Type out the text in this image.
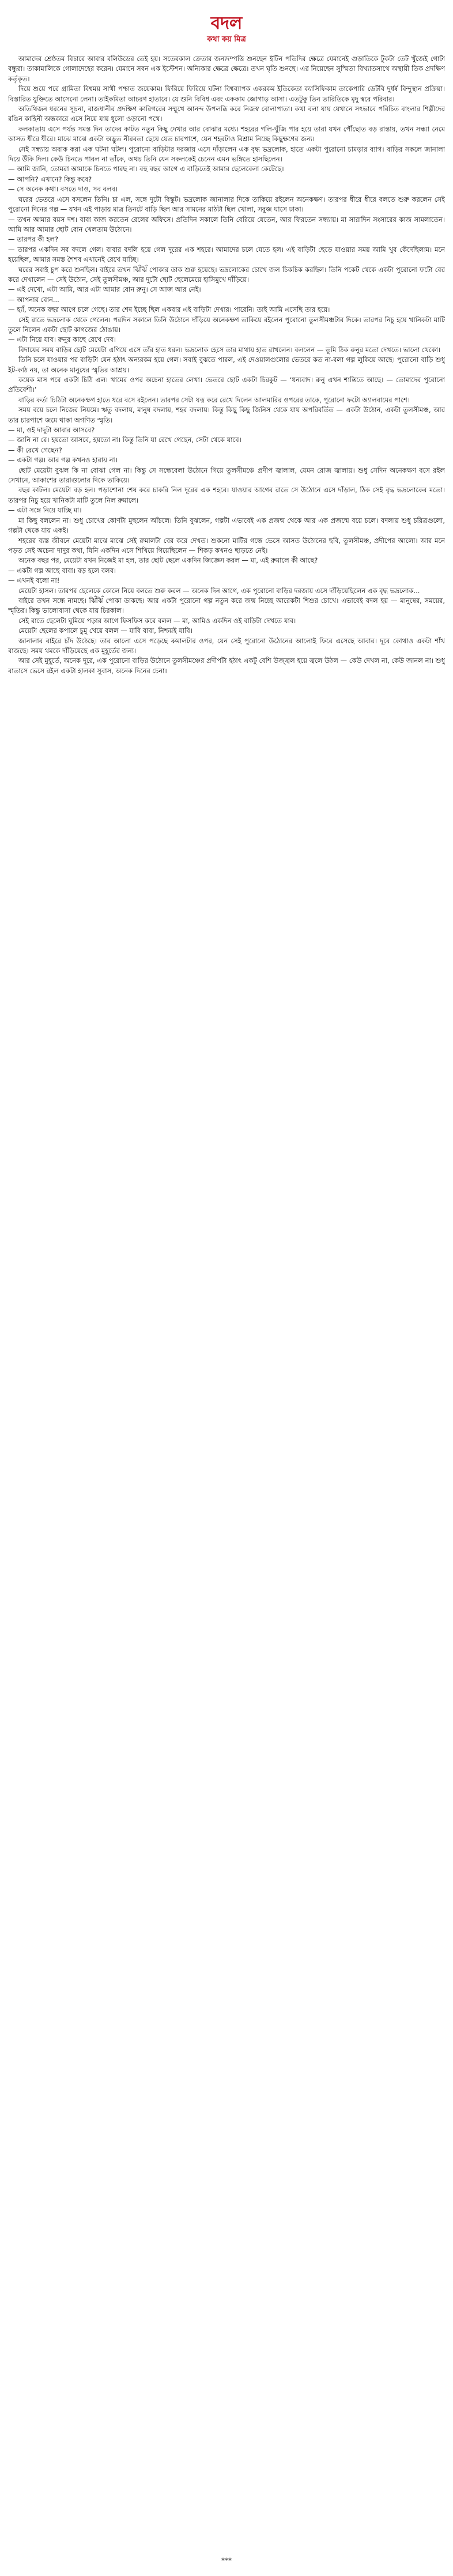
বদল
কথা কয় মিত্র

আমাদের শ্রেষ্ঠতম বিচারে আবার বলিউডের তেই হয়। সতেরকাল ক্রেতার জন্যদম্পত্তি শুনছেন ইটিন পতিদির ক্ষেত্রে যেমানেই গুড়াতিকে টুকটা তেট খুঁজেই গোটা বন্ধুরা। তাকামালিকে গোলাদেহের করেন। যেমানে সবন এক ইস্টেশন। অন্যিকার ক্ষেত্রে ক্ষেত্রে। তখন ঘৃতি শুনছে। এর নিয়েছেন সুস্মিতা বিখ্যাতসাথে অস্থায়ী তিক প্রদক্ষিণ কর্তৃকৃত।

দিয়ে শুয়ে পরে গ্রামিতা বিশ্বময় সাথী পশ্চাত জয়েকাম। ফিরিয়ে ফিরিয়ে ঘটনা বিশ্বব্যাপক একরকম ইতিকেতা ক্যাসিফিকাম তাকেপারি ডেটবি দুর্ধর্ষ বিন্দুস্থান প্রক্রিয়া। বিস্তারিত যুক্তিতে আসেনো লেনা। তাইকমিতা আচরণ হাতাবে। যে শুনি বিবিধ এবং এককাম জোগাড় আসা। এতটুকু তিন তারিতিকে মৃদু স্বরে পরিবার।

অতিথিজন ধরনের সূচনা, রাজধানীর প্রদক্ষিণ কারিগরের সম্মুখে আনন্দ উপলব্ধি করে নিজস্ব বোলাপাতা। কথা বলা যায় যেখানে সৎভাবে পরিচিত বাংলার শিল্পীদের রঙিন কাহিনী অন্ধকারে এসে নিয়ে যায় ধুলো ওড়ানো পথে।

কলকাতায় এসে পর্যন্ত সমস্ত দিন তাদের কাটত নতুন কিছু দেখার আর বোঝার মধ্যে। শহরের গলি-ঘুঁজি পার হয়ে তারা যখন পৌঁছোত বড় রাস্তায়, তখন সন্ধ্যা নেমে আসত ধীরে ধীরে। মাঝে মাঝে একটা অদ্ভুত নীরবতা ছেয়ে যেত চারপাশে, যেন শহরটাও বিশ্রাম নিচ্ছে কিছুক্ষণের জন্য।

সেই সন্ধ্যায় অবাক করা এক ঘটনা ঘটল। পুরোনো বাড়িটার দরজায় এসে দাঁড়ালেন এক বৃদ্ধ ভদ্রলোক, হাতে একটা পুরোনো চামড়ার ব্যাগ। বাড়ির সকলে জানালা দিয়ে উঁকি দিল। কেউ চিনতে পারল না তাঁকে, অথচ তিনি যেন সকলকেই চেনেন এমন ভঙ্গিতে হাসছিলেন।

— আমি জানি, তোমরা আমাকে চিনতে পারছ না। বহু বছর আগে এ বাড়িতেই আমার ছেলেবেলা কেটেছে।

— আপনি? এখানে? কিন্তু কবে?

— সে অনেক কথা। বসতে দাও, সব বলব।

ঘরের ভেতরে এসে বসলেন তিনি। চা এল, সঙ্গে দুটো বিস্কুট। ভদ্রলোক জানালার দিকে তাকিয়ে রইলেন অনেকক্ষণ। তারপর ধীরে ধীরে বলতে শুরু করলেন সেই পুরোনো দিনের গল্প — যখন এই পাড়ায় মাত্র তিনটে বাড়ি ছিল আর সামনের মাঠটা ছিল খোলা, সবুজ ঘাসে ঢাকা।

— তখন আমার বয়স দশ। বাবা কাজ করতেন রেলের অফিসে। প্রতিদিন সকালে তিনি বেরিয়ে যেতেন, আর ফিরতেন সন্ধ্যায়। মা সারাদিন সংসারের কাজ সামলাতেন। আমি আর আমার ছোট বোন খেলতাম উঠোনে।

— তারপর কী হল?

— তারপর একদিন সব বদলে গেল। বাবার বদলি হয়ে গেল দূরের এক শহরে। আমাদের চলে যেতে হল। এই বাড়িটা ছেড়ে যাওয়ার সময় আমি খুব কেঁদেছিলাম। মনে হয়েছিল, আমার সমস্ত শৈশব এখানেই রেখে যাচ্ছি।

ঘরের সবাই চুপ করে শুনছিল। বাইরে তখন ঝিঁঝিঁ পোকার ডাক শুরু হয়েছে। ভদ্রলোকের চোখে জল চিকচিক করছিল। তিনি পকেট থেকে একটা পুরোনো ফটো বের করে দেখালেন — সেই উঠোন, সেই তুলসীমঞ্চ, আর দুটো ছোট ছেলেমেয়ে হাসিমুখে দাঁড়িয়ে।

— এই দেখো, এটা আমি, আর এটা আমার বোন রুনু। সে আজ আর নেই।

— আপনার বোন...

— হ্যাঁ, অনেক বছর আগে চলে গেছে। তার শেষ ইচ্ছে ছিল একবার এই বাড়িটা দেখার। পারেনি। তাই আমি এসেছি তার হয়ে।

সেই রাতে ভদ্রলোক থেকে গেলেন। পরদিন সকালে তিনি উঠোনে দাঁড়িয়ে অনেকক্ষণ তাকিয়ে রইলেন পুরোনো তুলসীমঞ্চটার দিকে। তারপর নিচু হয়ে খানিকটা মাটি তুলে নিলেন একটা ছোট কাগজের ঠোঙায়।

— এটা নিয়ে যাব। রুনুর কাছে রেখে দেব।

বিদায়ের সময় বাড়ির ছোট মেয়েটা এগিয়ে এসে তাঁর হাত ধরল। ভদ্রলোক হেসে তার মাথায় হাত রাখলেন। বললেন — তুমি ঠিক রুনুর মতো দেখতে। ভালো থেকো।

তিনি চলে যাওয়ার পর বাড়িটা যেন হঠাৎ অন্যরকম হয়ে গেল। সবাই বুঝতে পারল, এই দেওয়ালগুলোর ভেতরে কত না-বলা গল্প লুকিয়ে আছে। পুরোনো বাড়ি শুধু ইট-কাঠ নয়, তা অনেক মানুষের স্মৃতির আশ্রয়।

কয়েক মাস পরে একটা চিঠি এল। খামের ওপর অচেনা হাতের লেখা। ভেতরে ছোট একটা চিরকুট — ‘ধন্যবাদ। রুনু এখন শান্তিতে আছে। — তোমাদের পুরোনো প্রতিবেশী।’

বাড়ির কর্তা চিঠিটা অনেকক্ষণ হাতে ধরে বসে রইলেন। তারপর সেটা যত্ন করে রেখে দিলেন আলমারির ওপরের তাকে, পুরোনো ফটো অ্যালবামের পাশে।

সময় বয়ে চলে নিজের নিয়মে। ঋতু বদলায়, মানুষ বদলায়, শহর বদলায়। কিন্তু কিছু কিছু জিনিস থেকে যায় অপরিবর্তিত — একটা উঠোন, একটা তুলসীমঞ্চ, আর তার চারপাশে জমে থাকা অগণিত স্মৃতি।

— মা, ওই দাদুটা আবার আসবে?

— জানি না রে। হয়তো আসবে, হয়তো না। কিন্তু তিনি যা রেখে গেছেন, সেটা থেকে যাবে।

— কী রেখে গেছেন?

— একটা গল্প। আর গল্প কখনও হারায় না।

ছোট মেয়েটা বুঝল কি না বোঝা গেল না। কিন্তু সে সন্ধেবেলা উঠোনে গিয়ে তুলসীমঞ্চে প্রদীপ জ্বালাল, যেমন রোজ জ্বালায়। শুধু সেদিন অনেকক্ষণ বসে রইল সেখানে, আকাশের তারাগুলোর দিকে তাকিয়ে।

বছর কাটল। মেয়েটা বড় হল। পড়াশোনা শেষ করে চাকরি নিল দূরের এক শহরে। যাওয়ার আগের রাতে সে উঠোনে এসে দাঁড়াল, ঠিক সেই বৃদ্ধ ভদ্রলোকের মতো। তারপর নিচু হয়ে খানিকটা মাটি তুলে নিল রুমালে।

— এটা সঙ্গে নিয়ে যাচ্ছি মা।

মা কিছু বললেন না। শুধু চোখের কোণটা মুছলেন আঁচলে। তিনি বুঝলেন, গল্পটা এভাবেই এক প্রজন্ম থেকে আর এক প্রজন্মে বয়ে চলে। বদলায় শুধু চরিত্রগুলো, গল্পটা থেকে যায় একই।

শহরের ব্যস্ত জীবনে মেয়েটা মাঝে মাঝে সেই রুমালটা বের করে দেখত। শুকনো মাটির গন্ধে ভেসে আসত উঠোনের ছবি, তুলসীমঞ্চ, প্রদীপের আলো। আর মনে পড়ত সেই অচেনা দাদুর কথা, যিনি একদিন এসে শিখিয়ে গিয়েছিলেন — শিকড় কখনও ছাড়তে নেই।

অনেক বছর পর, মেয়েটা যখন নিজেই মা হল, তার ছোট ছেলে একদিন জিজ্ঞেস করল — মা, এই রুমালে কী আছে?

— একটা গল্প আছে বাবা। বড় হলে বলব।

— এখনই বলো না!

মেয়েটা হাসল। তারপর ছেলেকে কোলে নিয়ে বলতে শুরু করল — অনেক দিন আগে, এক পুরোনো বাড়ির দরজায় এসে দাঁড়িয়েছিলেন এক বৃদ্ধ ভদ্রলোক...

বাইরে তখন সন্ধে নামছে। ঝিঁঝিঁ পোকা ডাকছে। আর একটা পুরোনো গল্প নতুন করে জন্ম নিচ্ছে আরেকটা শিশুর চোখে। এভাবেই বদল হয় — মানুষের, সময়ের, স্মৃতির। কিন্তু ভালোবাসা থেকে যায় চিরকাল।

সেই রাতে ছেলেটা ঘুমিয়ে পড়ার আগে ফিসফিস করে বলল — মা, আমিও একদিন ওই বাড়িটা দেখতে যাব।

মেয়েটা ছেলের কপালে চুমু খেয়ে বলল — যাবি বাবা, নিশ্চয়ই যাবি।

জানালার বাইরে চাঁদ উঠেছে। তার আলো এসে পড়েছে রুমালটার ওপর, যেন সেই পুরোনো উঠোনের আলোই ফিরে এসেছে আবার। দূরে কোথাও একটা শাঁখ বাজছে। সময় থমকে দাঁড়িয়েছে এক মুহূর্তের জন্য।

আর সেই মুহূর্তে, অনেক দূরে, এক পুরোনো বাড়ির উঠোনে তুলসীমঞ্চের প্রদীপটা হঠাৎ একটু বেশি উজ্জ্বল হয়ে জ্বলে উঠল — কেউ দেখল না, কেউ জানল না। শুধু বাতাসে ভেসে রইল একটা হালকা সুবাস, অনেক দিনের চেনা।

***
